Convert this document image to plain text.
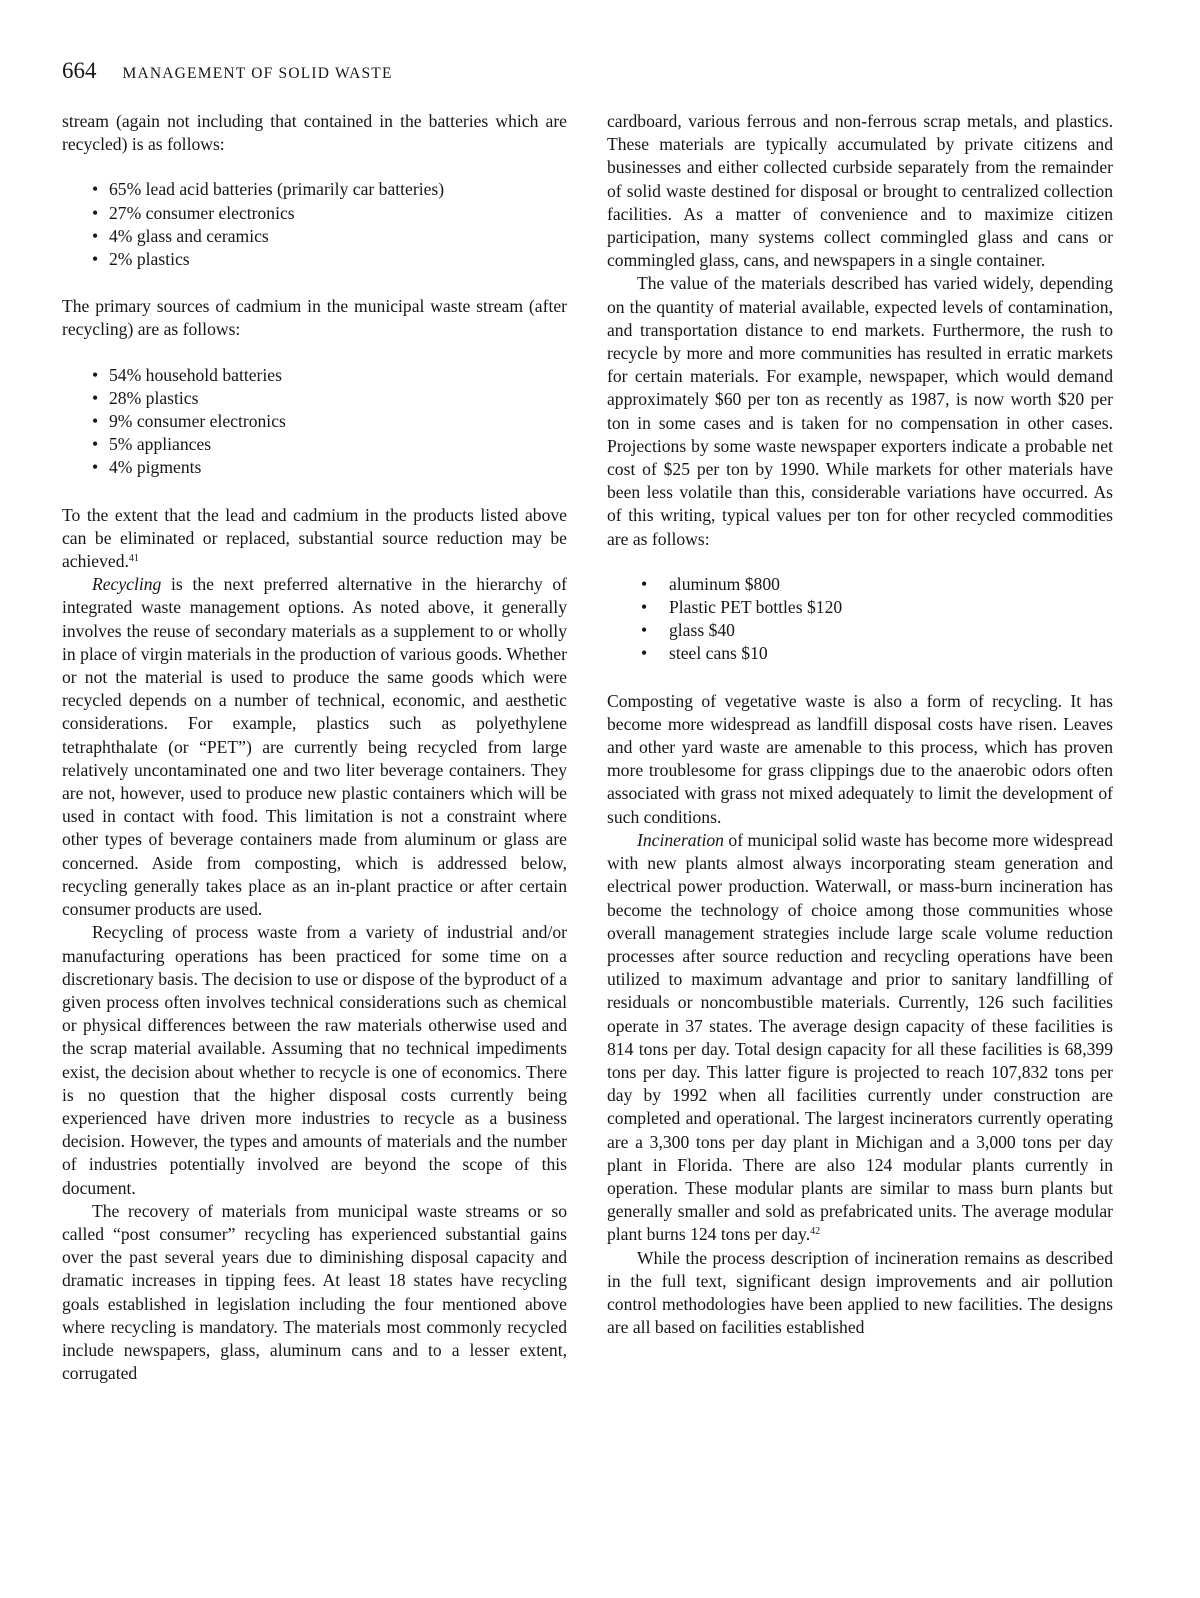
664 MANAGEMENT OF SOLID WASTE

stream (again not including that contained in the batteries which are recycled) is as follows:

• 65% lead acid batteries (primarily car batteries)
• 27% consumer electronics
• 4% glass and ceramics
• 2% plastics

The primary sources of cadmium in the municipal waste stream (after recycling) are as follows:

• 54% household batteries
• 28% plastics
• 9% consumer electronics
• 5% appliances
• 4% pigments

To the extent that the lead and cadmium in the products listed above can be eliminated or replaced, substantial source reduction may be achieved.$^{41}$

Recycling is the next preferred alternative in the hierarchy of integrated waste management options. As noted above, it generally involves the reuse of secondary materials as a supplement to or wholly in place of virgin materials in the production of various goods. Whether or not the material is used to produce the same goods which were recycled depends on a number of technical, economic, and aesthetic considerations. For example, plastics such as polyethylene tetraphthalate (or “PET”) are currently being recycled from large relatively uncontaminated one and two liter beverage containers. They are not, however, used to produce new plastic containers which will be used in contact with food. This limitation is not a constraint where other types of beverage containers made from aluminum or glass are concerned. Aside from composting, which is addressed below, recycling generally takes place as an in-plant practice or after certain consumer products are used.

Recycling of process waste from a variety of industrial and/or manufacturing operations has been practiced for some time on a discretionary basis. The decision to use or dispose of the byproduct of a given process often involves technical considerations such as chemical or physical differences between the raw materials otherwise used and the scrap material available. Assuming that no technical impediments exist, the decision about whether to recycle is one of economics. There is no question that the higher disposal costs currently being experienced have driven more industries to recycle as a business decision. However, the types and amounts of materials and the number of industries potentially involved are beyond the scope of this document.

The recovery of materials from municipal waste streams or so called “post consumer” recycling has experienced substantial gains over the past several years due to diminishing disposal capacity and dramatic increases in tipping fees. At least 18 states have recycling goals established in legislation including the four mentioned above where recycling is mandatory. The materials most commonly recycled include newspapers, glass, aluminum cans and to a lesser extent, corrugated

cardboard, various ferrous and non-ferrous scrap metals, and plastics. These materials are typically accumulated by private citizens and businesses and either collected curbside separately from the remainder of solid waste destined for disposal or brought to centralized collection facilities. As a matter of convenience and to maximize citizen participation, many systems collect commingled glass and cans or commingled glass, cans, and newspapers in a single container.

The value of the materials described has varied widely, depending on the quantity of material available, expected levels of contamination, and transportation distance to end markets. Furthermore, the rush to recycle by more and more communities has resulted in erratic markets for certain materials. For example, newspaper, which would demand approximately $60 per ton as recently as 1987, is now worth $20 per ton in some cases and is taken for no compensation in other cases. Projections by some waste newspaper exporters indicate a probable net cost of $25 per ton by 1990. While markets for other materials have been less volatile than this, considerable variations have occurred. As of this writing, typical values per ton for other recycled commodities are as follows:

• aluminum $800
• Plastic PET bottles $120
• glass $40
• steel cans $10

Composting of vegetative waste is also a form of recycling. It has become more widespread as landfill disposal costs have risen. Leaves and other yard waste are amenable to this process, which has proven more troublesome for grass clippings due to the anaerobic odors often associated with grass not mixed adequately to limit the development of such conditions.

Incineration of municipal solid waste has become more widespread with new plants almost always incorporating steam generation and electrical power production. Waterwall, or mass-burn incineration has become the technology of choice among those communities whose overall management strategies include large scale volume reduction processes after source reduction and recycling operations have been utilized to maximum advantage and prior to sanitary landfilling of residuals or noncombustible materials. Currently, 126 such facilities operate in 37 states. The average design capacity of these facilities is 814 tons per day. Total design capacity for all these facilities is 68,399 tons per day. This latter figure is projected to reach 107,832 tons per day by 1992 when all facilities currently under construction are completed and operational. The largest incinerators currently operating are a 3,300 tons per day plant in Michigan and a 3,000 tons per day plant in Florida. There are also 124 modular plants currently in operation. These modular plants are similar to mass burn plants but generally smaller and sold as prefabricated units. The average modular plant burns 124 tons per day.$^{42}$

While the process description of incineration remains as described in the full text, significant design improvements and air pollution control methodologies have been applied to new facilities. The designs are all based on facilities established
